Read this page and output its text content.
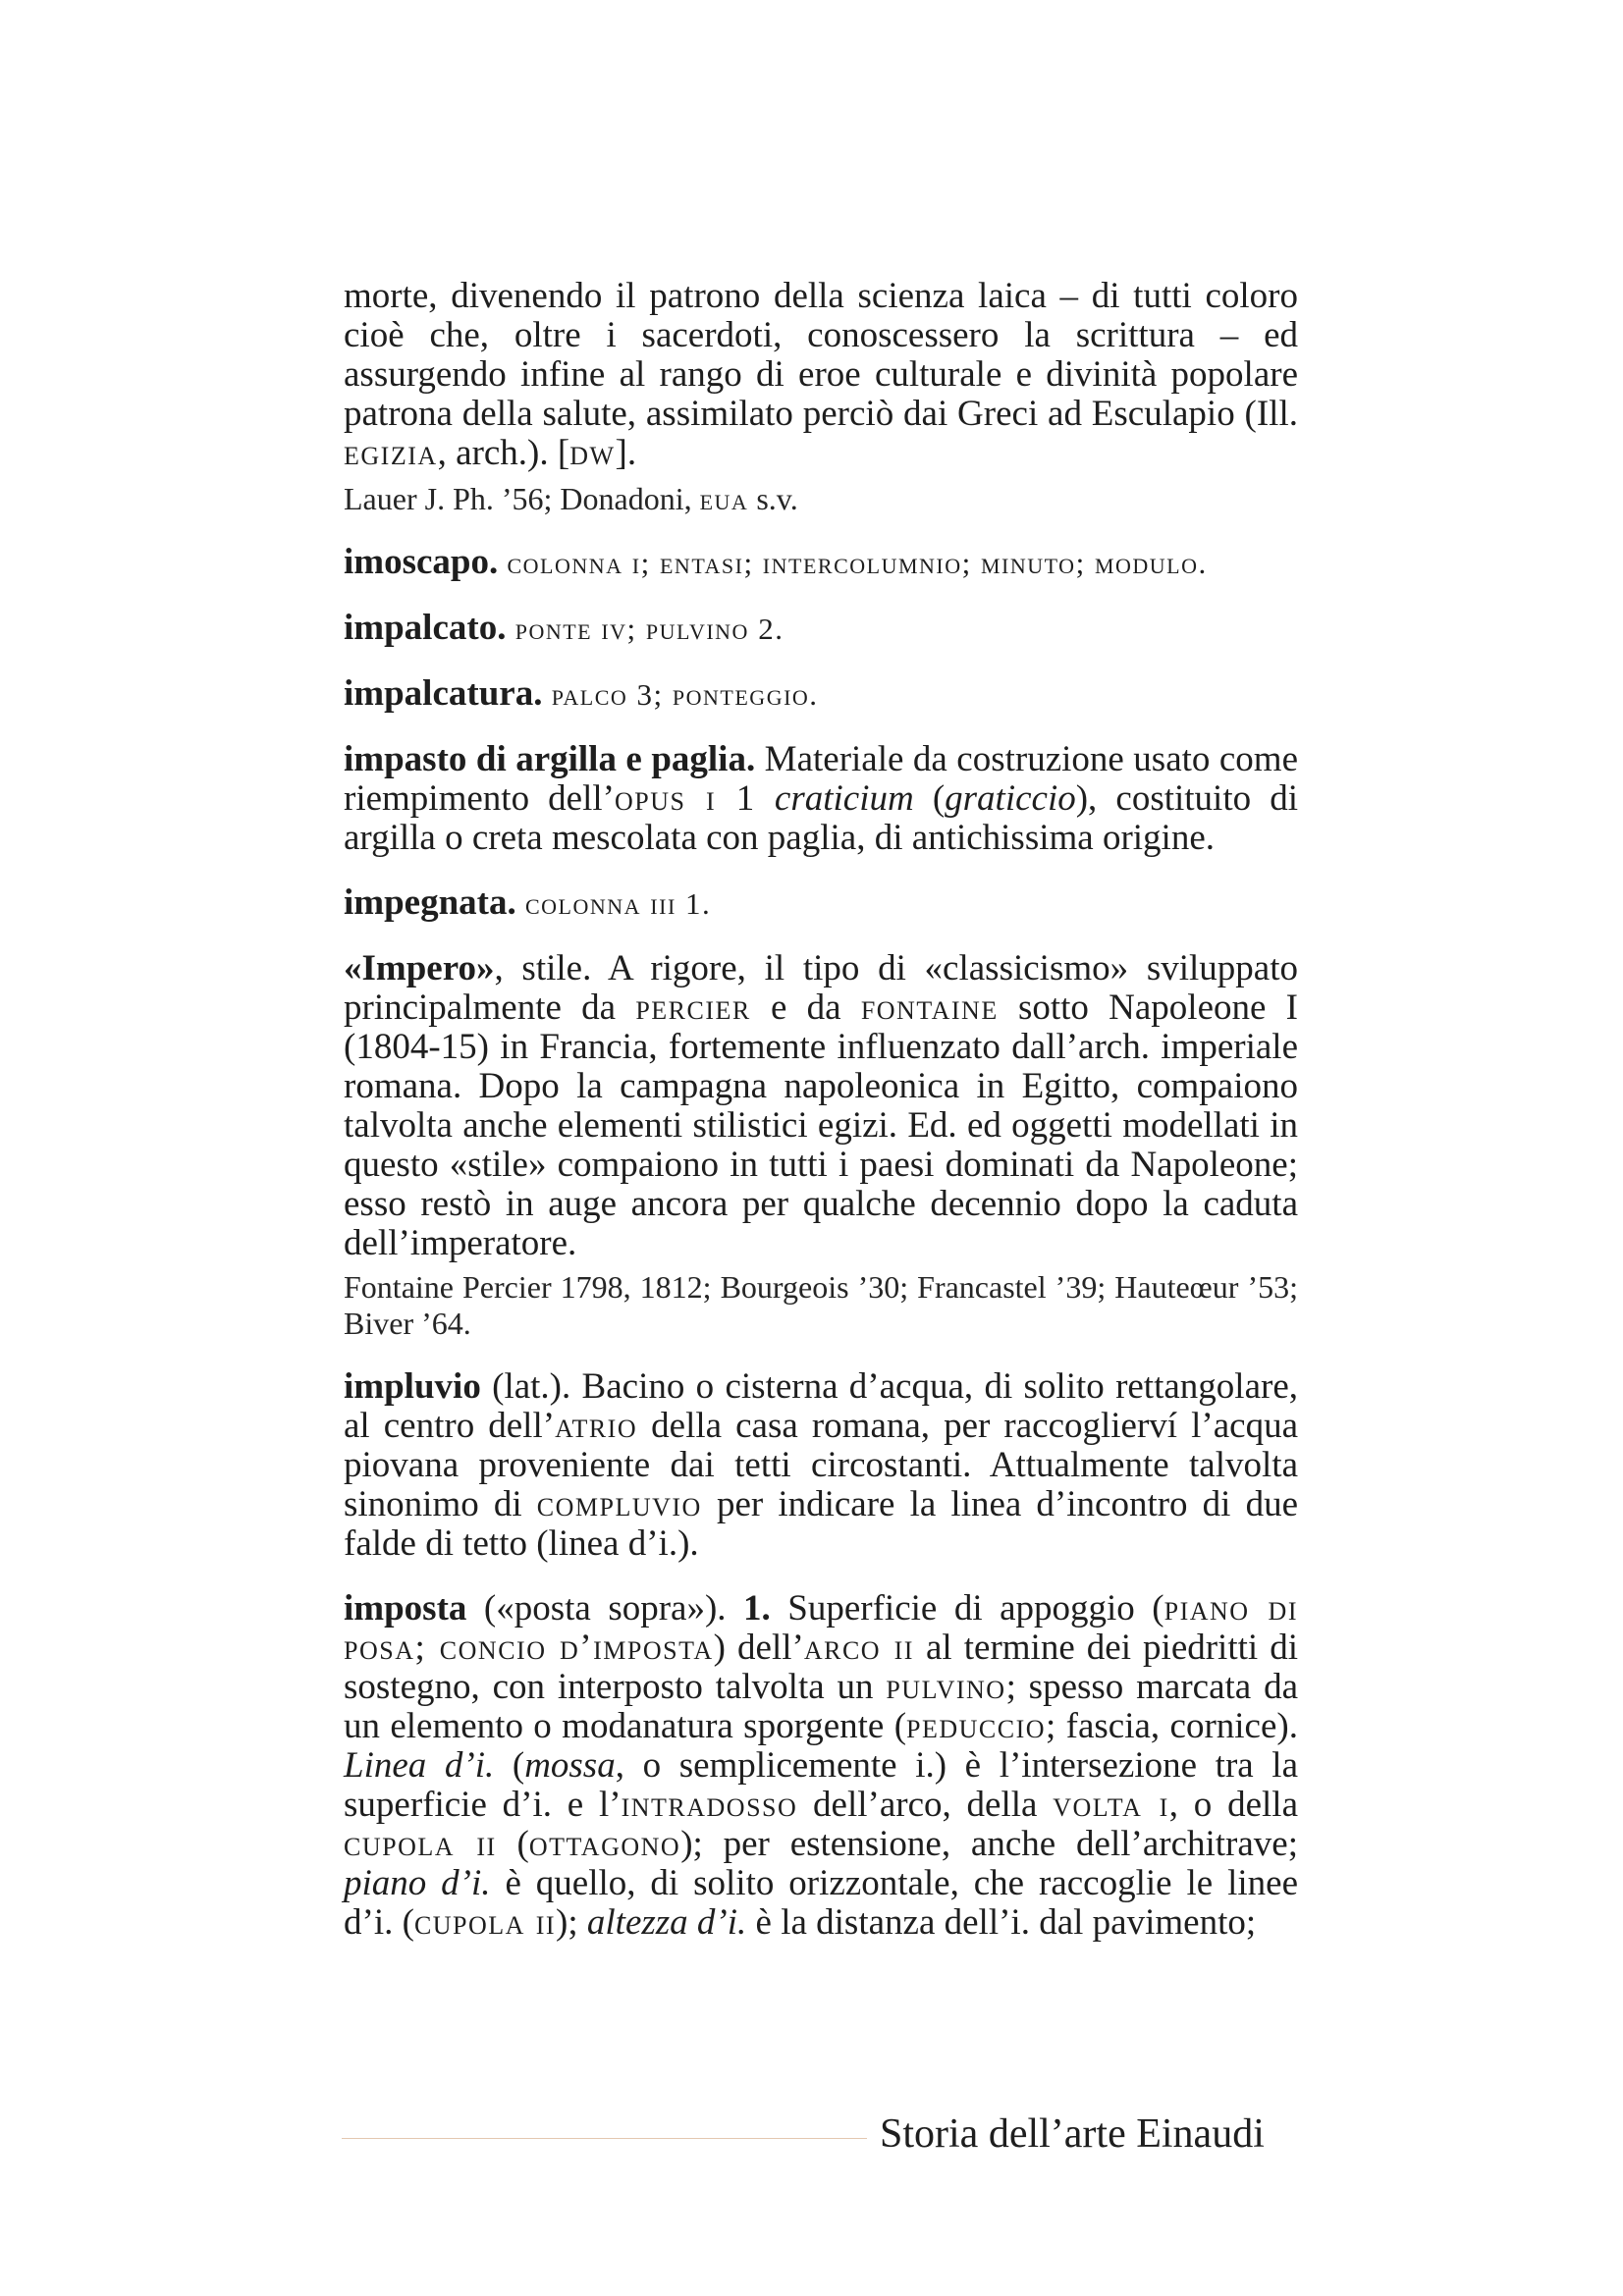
morte, divenendo il patrono della scienza laica – di tutti coloro cioè che, oltre i sacerdoti, conoscessero la scrittura – ed assurgendo infine al rango di eroe culturale e divinità popolare patrona della salute, assimilato perciò dai Greci ad Esculapio (Ill. egizia, arch.). [dw].

Lauer J. Ph. ’56; Donadoni, eua s.v.

imoscapo. colonna i; entasi; intercolumnio; minuto; modulo.

impalcato. ponte iv; pulvino 2.

impalcatura. palco 3; ponteggio.

impasto di argilla e paglia. Materiale da costruzione usato come riempimento dell’opus i 1 craticium (graticcio), costituito di argilla o creta mescolata con paglia, di antichissima origine.

impegnata. colonna iii 1.

«Impero», stile. A rigore, il tipo di «classicismo» sviluppato principalmente da percier e da fontaine sotto Napoleone I (1804-15) in Francia, fortemente influenzato dall’arch. imperiale romana. Dopo la campagna napoleonica in Egitto, compaiono talvolta anche elementi stilistici egizi. Ed. ed oggetti modellati in questo «stile» compaiono in tutti i paesi dominati da Napoleone; esso restò in auge ancora per qualche decennio dopo la caduta dell’imperatore.

Fontaine Percier 1798, 1812; Bourgeois ’30; Francastel ’39; Hauteœur ’53; Biver ’64.

impluvio (lat.). Bacino o cisterna d’acqua, di solito rettangolare, al centro dell’atrio della casa romana, per raccoglierví l’acqua piovana proveniente dai tetti circostanti. Attualmente talvolta sinonimo di compluvio per indicare la linea d’incontro di due falde di tetto (linea d’i.).

imposta («posta sopra»). 1. Superficie di appoggio (piano di posa; concio d’imposta) dell’arco ii al termine dei piedritti di sostegno, con interposto talvolta un pulvino; spesso marcata da un elemento o modanatura sporgente (peduccio; fascia, cornice). Linea d’i. (mossa, o semplicemente i.) è l’intersezione tra la superficie d’i. e l’intradosso dell’arco, della volta i, o della cupola ii (ottagono); per estensione, anche dell’architrave; piano d’i. è quello, di solito orizzontale, che raccoglie le linee d’i. (cupola ii); altezza d’i. è la distanza dell’i. dal pavimento;

Storia dell’arte Einaudi
